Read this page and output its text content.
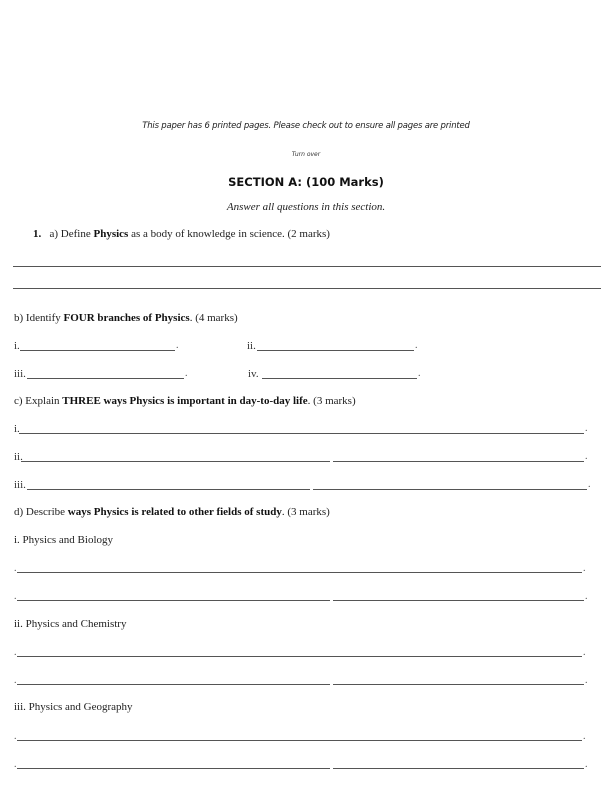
This paper has 6 printed pages. Please check out to ensure all pages are printed
Turn over
SECTION A: (100 Marks)
Answer all questions in this section.
1. a) Define Physics as a body of knowledge in science. (2 marks)
b) Identify FOUR branches of Physics. (4 marks)
i.	.	ii.	.
iii.	.	iv.	.
c) Explain THREE ways Physics is important in day-to-day life. (3 marks)
i.	.
ii.	.
iii.	.
d) Describe ways Physics is related to other fields of study. (3 marks)
i. Physics and Biology
.	.
.	.
ii. Physics and Chemistry
.	.
.	.
iii. Physics and Geography
.	.
.	.
